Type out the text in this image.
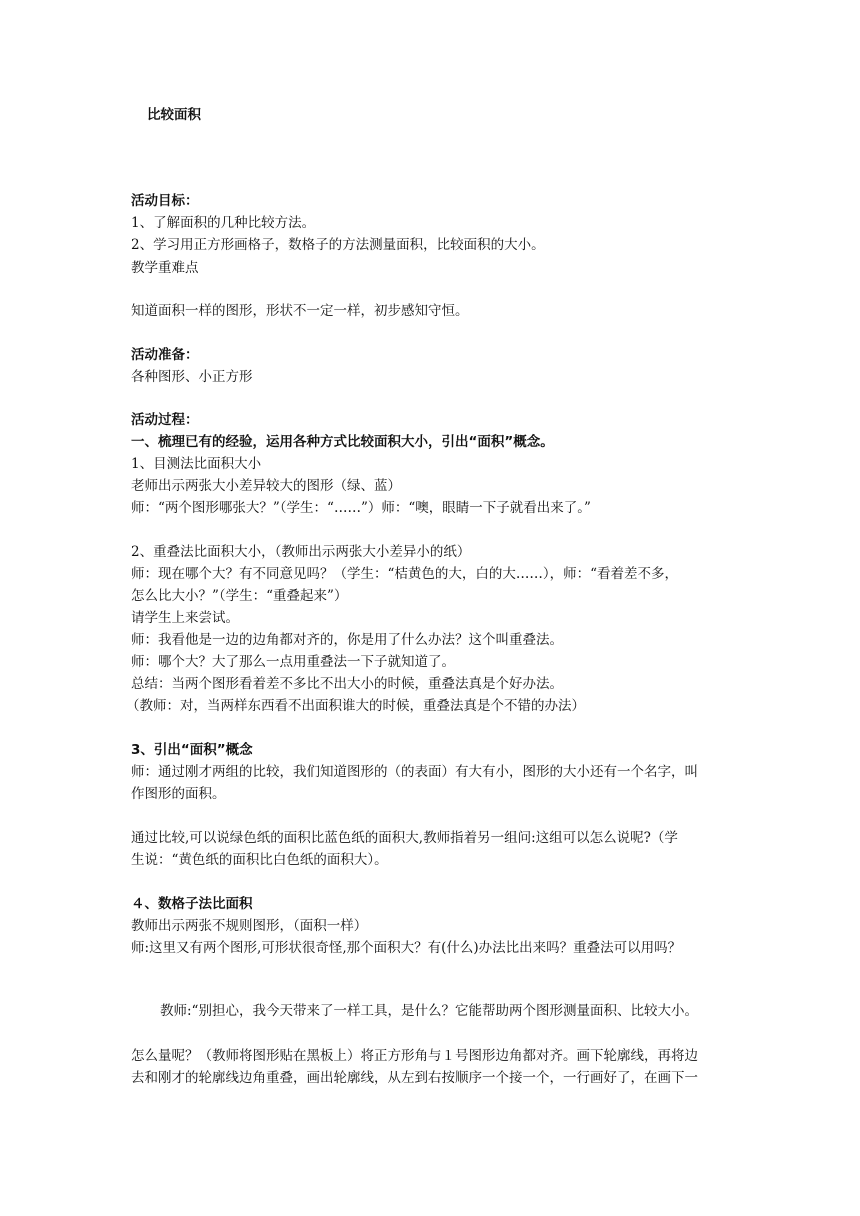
比较面积
活动目标：
1、了解面积的几种比较方法。
2、学习用正方形画格子，数格子的方法测量面积，比较面积的大小。
教学重难点
知道面积一样的图形，形状不一定一样，初步感知守恒。
活动准备：
各种图形、小正方形
活动过程：
一、梳理已有的经验，运用各种方式比较面积大小，引出“面积”概念。
1、目测法比面积大小
老师出示两张大小差异较大的图形（绿、蓝）
师：“两个图形哪张大？”（学生：“……”）师：“噢，眼睛一下子就看出来了。”
2、重叠法比面积大小，（教师出示两张大小差异小的纸）
师：现在哪个大？有不同意见吗？（学生：“桔黄色的大，白的大……），师：“看着差不多，
怎么比大小？”（学生：“重叠起来”）
请学生上来尝试。
师：我看他是一边的边角都对齐的，你是用了什么办法？这个叫重叠法。
师：哪个大？大了那么一点用重叠法一下子就知道了。
总结：当两个图形看着差不多比不出大小的时候，重叠法真是个好办法。
（教师：对，当两样东西看不出面积谁大的时候，重叠法真是个不错的办法）
3、引出“面积”概念
师：通过刚才两组的比较，我们知道图形的（的表面）有大有小，图形的大小还有一个名字，叫
作图形的面积。
通过比较,可以说绿色纸的面积比蓝色纸的面积大,教师指着另一组问:这组可以怎么说呢?（学
生说：“黄色纸的面积比白色纸的面积大）。
４、数格子法比面积
教师出示两张不规则图形，（面积一样）
师:这里又有两个图形,可形状很奇怪,那个面积大？有(什么)办法比出来吗？重叠法可以用吗？
教师:“别担心，我今天带来了一样工具，是什么？它能帮助两个图形测量面积、比较大小。
怎么量呢？（教师将图形贴在黑板上）将正方形角与１号图形边角都对齐。画下轮廓线，再将边
去和刚才的轮廓线边角重叠，画出轮廓线，从左到右按顺序一个接一个，一行画好了，在画下一
